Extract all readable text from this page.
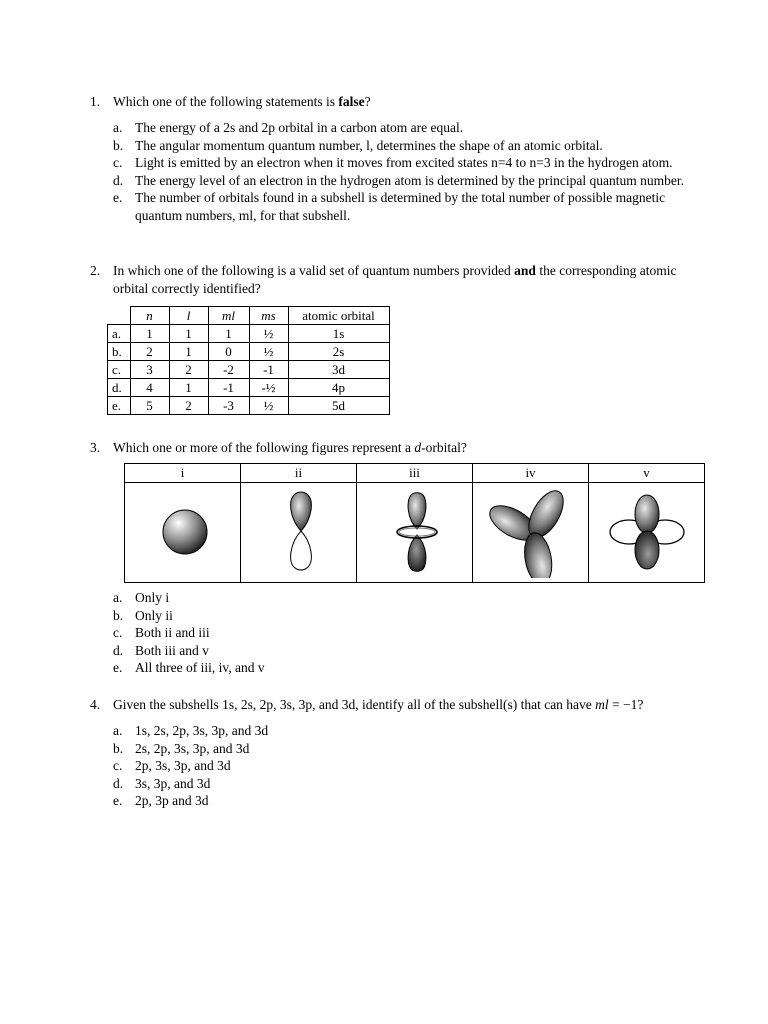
1. Which one of the following statements is false?
a. The energy of a 2s and 2p orbital in a carbon atom are equal.
b. The angular momentum quantum number, l, determines the shape of an atomic orbital.
c. Light is emitted by an electron when it moves from excited states n=4 to n=3 in the hydrogen atom.
d. The energy level of an electron in the hydrogen atom is determined by the principal quantum number.
e. The number of orbitals found in a subshell is determined by the total number of possible magnetic quantum numbers, ml, for that subshell.
2. In which one of the following is a valid set of quantum numbers provided and the corresponding atomic orbital correctly identified?
	n	l	ml	ms	atomic orbital
a.	1	1	1	½	1s
b.	2	1	0	½	2s
c.	3	2	-2	-1	3d
d.	4	1	-1	-½	4p
e.	5	2	-3	½	5d
3. Which one or more of the following figures represent a d-orbital?
i	ii	iii	iv	v

a. Only i
b. Only ii
c. Both ii and iii
d. Both iii and v
e. All three of iii, iv, and v
4. Given the subshells 1s, 2s, 2p, 3s, 3p, and 3d, identify all of the subshell(s) that can have ml = −1?
a. 1s, 2s, 2p, 3s, 3p, and 3d
b. 2s, 2p, 3s, 3p, and 3d
c. 2p, 3s, 3p, and 3d
d. 3s, 3p, and 3d
e. 2p, 3p and 3d
